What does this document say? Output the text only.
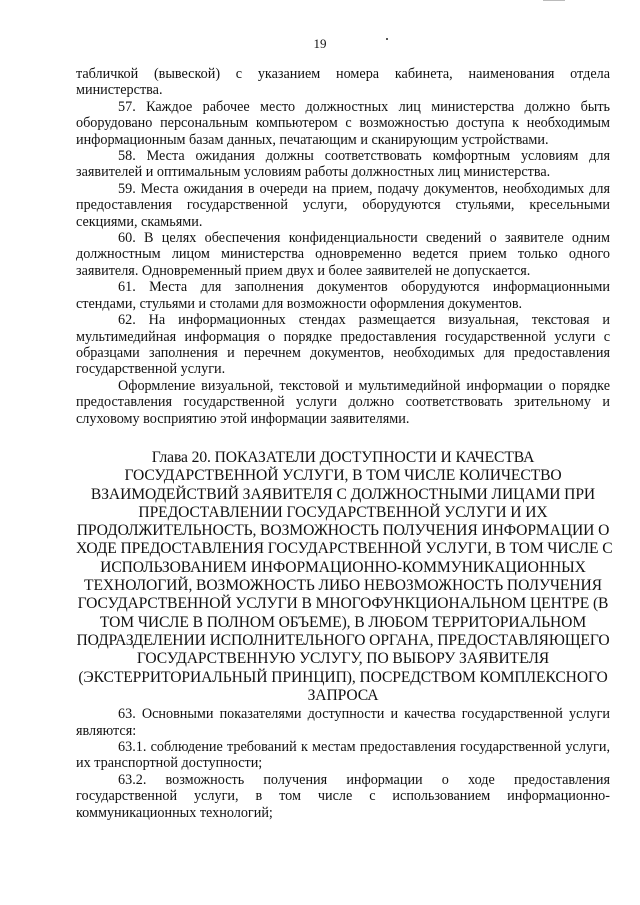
19

табличкой (вывеской) с указанием номера кабинета, наименования отдела министерства.

57. Каждое рабочее место должностных лиц министерства должно быть оборудовано персональным компьютером с возможностью доступа к необходимым информационным базам данных, печатающим и сканирующим устройствами.

58. Места ожидания должны соответствовать комфортным условиям для заявителей и оптимальным условиям работы должностных лиц министерства.

59. Места ожидания в очереди на прием, подачу документов, необходимых для предоставления государственной услуги, оборудуются стульями, кресельными секциями, скамьями.

60. В целях обеспечения конфиденциальности сведений о заявителе одним должностным лицом министерства одновременно ведется прием только одного заявителя. Одновременный прием двух и более заявителей не допускается.

61. Места для заполнения документов оборудуются информационными стендами, стульями и столами для возможности оформления документов.

62. На информационных стендах размещается визуальная, текстовая и мультимедийная информация о порядке предоставления государственной услуги с образцами заполнения и перечнем документов, необходимых для предоставления государственной услуги.

Оформление визуальной, текстовой и мультимедийной информации о порядке предоставления государственной услуги должно соответствовать зрительному и слуховому восприятию этой информации заявителями.

Глава 20. ПОКАЗАТЕЛИ ДОСТУПНОСТИ И КАЧЕСТВА
ГОСУДАРСТВЕННОЙ УСЛУГИ, В ТОМ ЧИСЛЕ КОЛИЧЕСТВО
ВЗАИМОДЕЙСТВИЙ ЗАЯВИТЕЛЯ С ДОЛЖНОСТНЫМИ ЛИЦАМИ ПРИ
ПРЕДОСТАВЛЕНИИ ГОСУДАРСТВЕННОЙ УСЛУГИ И ИХ
ПРОДОЛЖИТЕЛЬНОСТЬ, ВОЗМОЖНОСТЬ ПОЛУЧЕНИЯ ИНФОРМАЦИИ О
ХОДЕ ПРЕДОСТАВЛЕНИЯ ГОСУДАРСТВЕННОЙ УСЛУГИ, В ТОМ ЧИСЛЕ С
ИСПОЛЬЗОВАНИЕМ ИНФОРМАЦИОННО-КОММУНИКАЦИОННЫХ
ТЕХНОЛОГИЙ, ВОЗМОЖНОСТЬ ЛИБО НЕВОЗМОЖНОСТЬ ПОЛУЧЕНИЯ
ГОСУДАРСТВЕННОЙ УСЛУГИ В МНОГОФУНКЦИОНАЛЬНОМ ЦЕНТРЕ (В
ТОМ ЧИСЛЕ В ПОЛНОМ ОБЪЕМЕ), В ЛЮБОМ ТЕРРИТОРИАЛЬНОМ
ПОДРАЗДЕЛЕНИИ ИСПОЛНИТЕЛЬНОГО ОРГАНА, ПРЕДОСТАВЛЯЮЩЕГО
ГОСУДАРСТВЕННУЮ УСЛУГУ, ПО ВЫБОРУ ЗАЯВИТЕЛЯ
(ЭКСТЕРРИТОРИАЛЬНЫЙ ПРИНЦИП), ПОСРЕДСТВОМ КОМПЛЕКСНОГО
ЗАПРОСА

63. Основными показателями доступности и качества государственной услуги являются:

63.1. соблюдение требований к местам предоставления государственной услуги, их транспортной доступности;

63.2. возможность получения информации о ходе предоставления государственной услуги, в том числе с использованием информационно-коммуникационных технологий;
